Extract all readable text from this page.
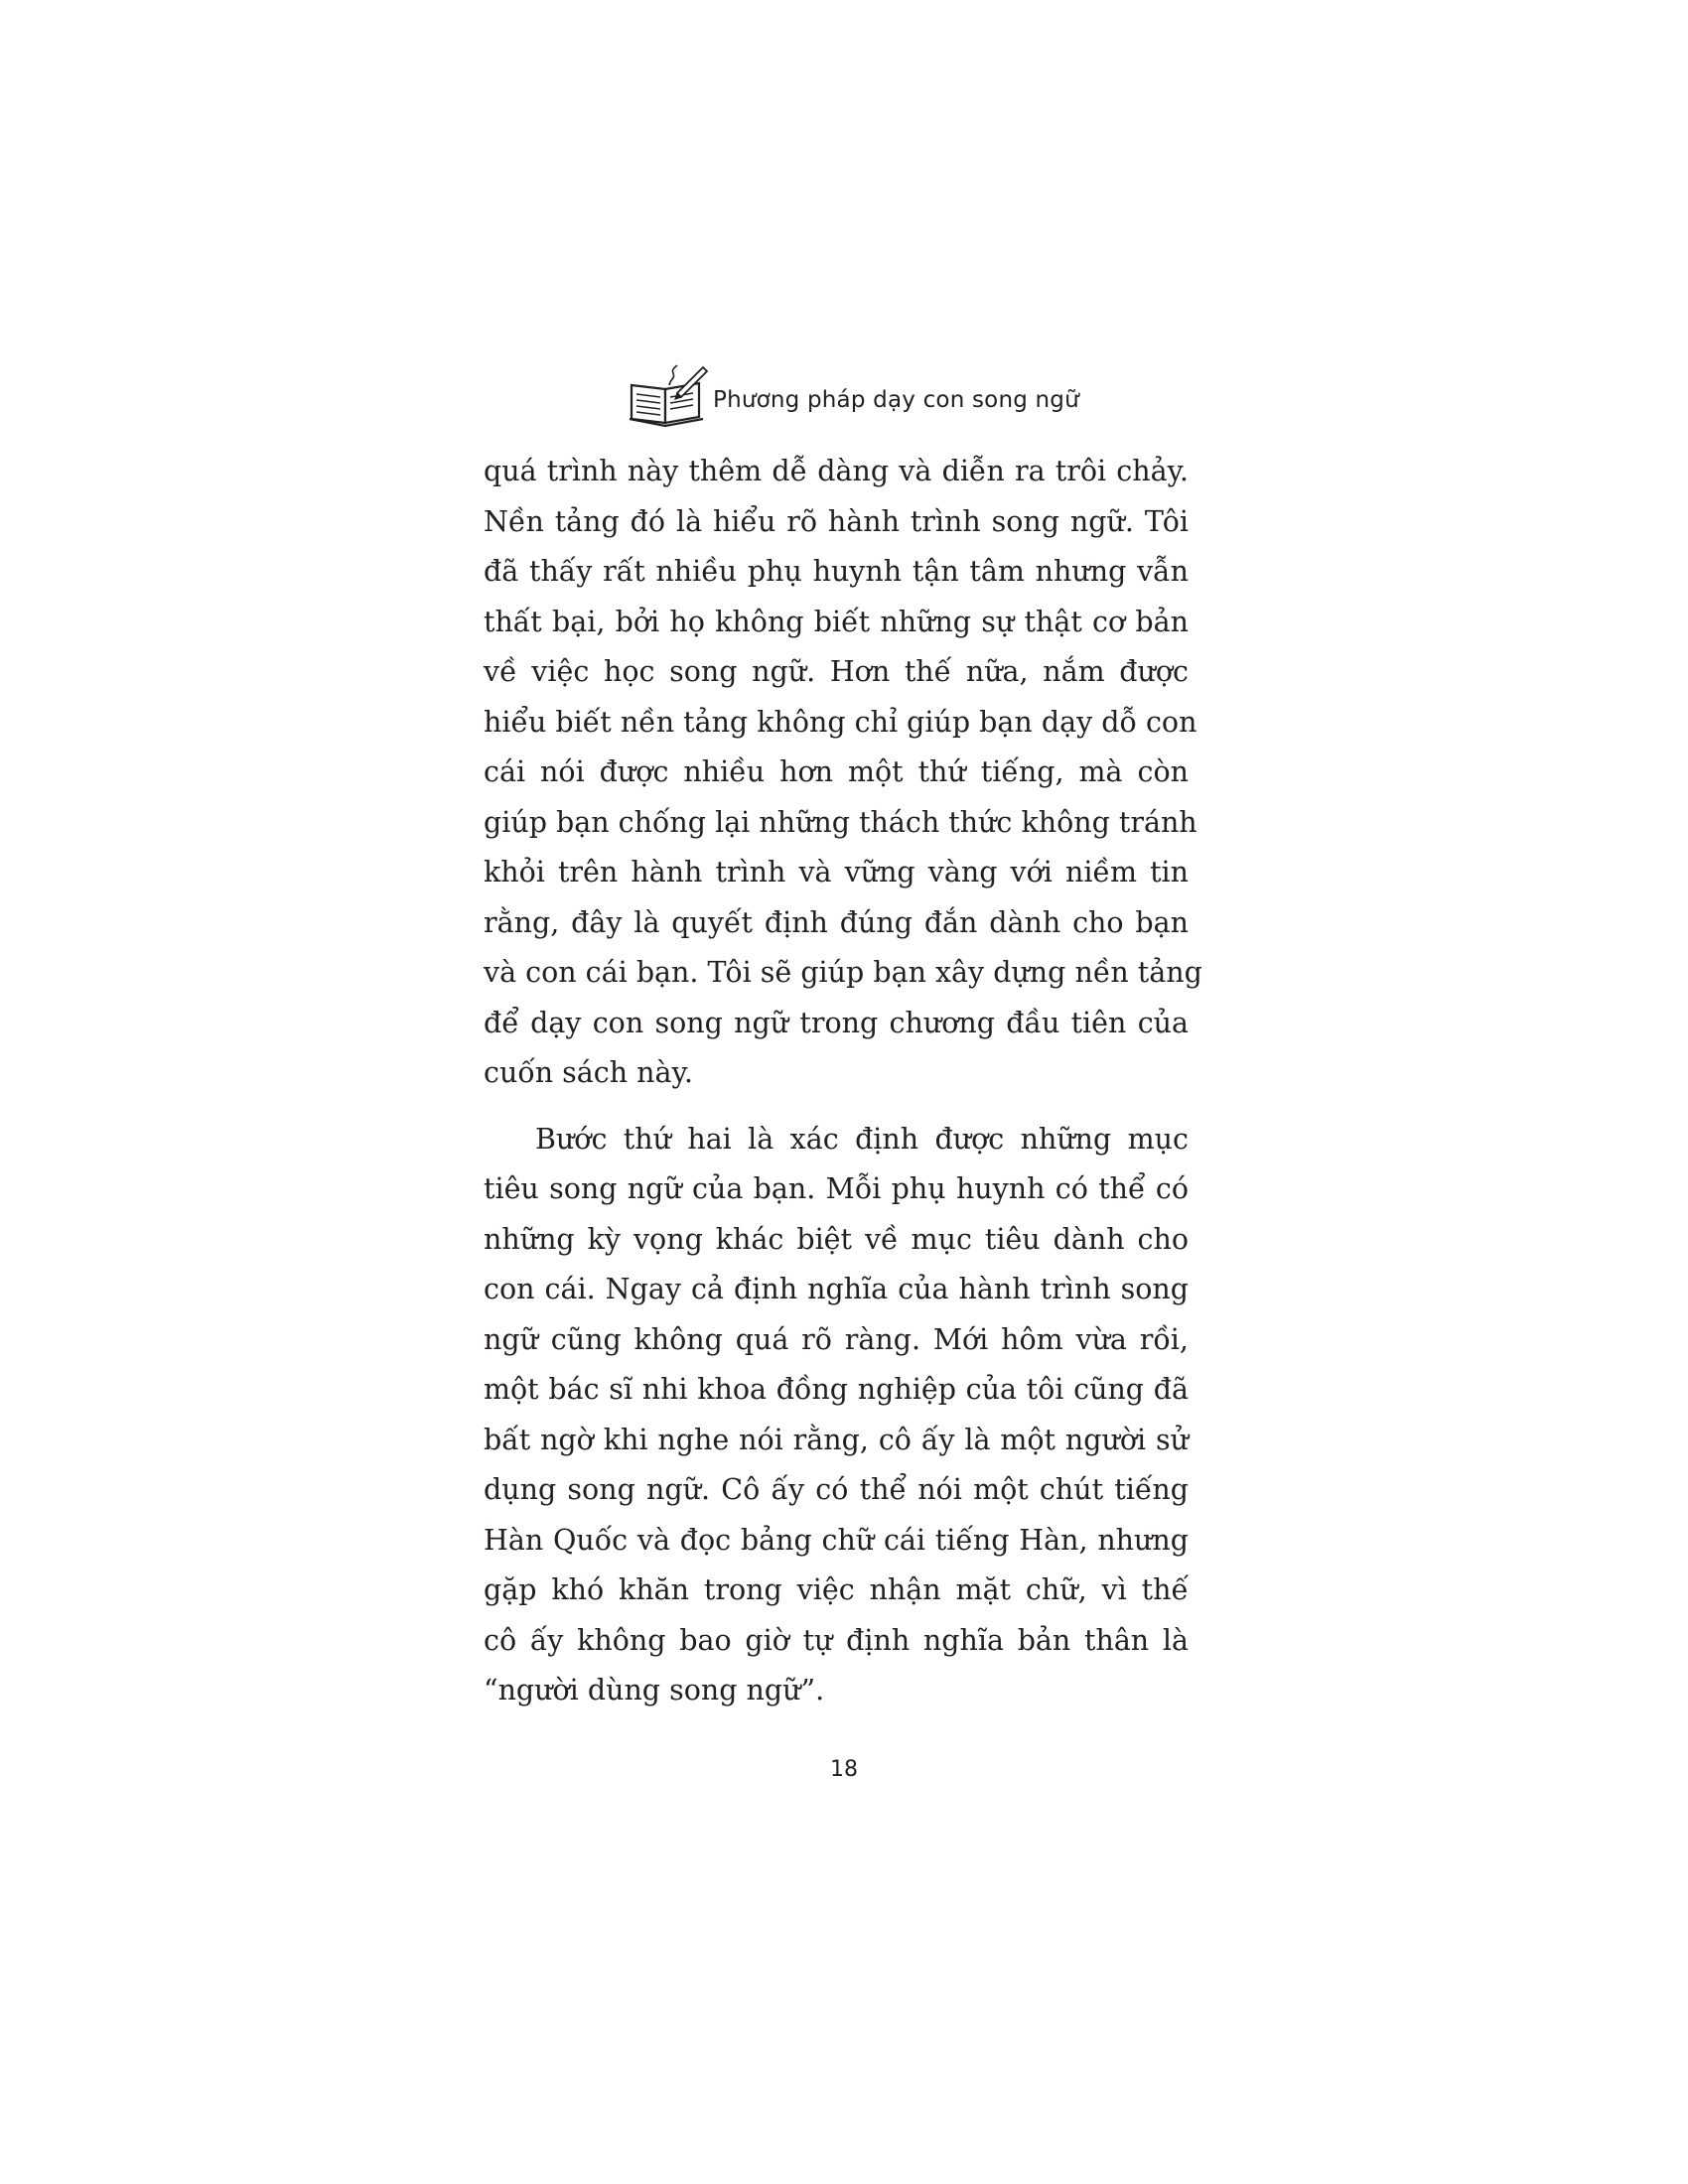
Phương pháp dạy con song ngữ

quá trình này thêm dễ dàng và diễn ra trôi chảy.
Nền tảng đó là hiểu rõ hành trình song ngữ. Tôi
đã thấy rất nhiều phụ huynh tận tâm nhưng vẫn
thất bại, bởi họ không biết những sự thật cơ bản
về việc học song ngữ. Hơn thế nữa, nắm được
hiểu biết nền tảng không chỉ giúp bạn dạy dỗ con
cái nói được nhiều hơn một thứ tiếng, mà còn
giúp bạn chống lại những thách thức không tránh
khỏi trên hành trình và vững vàng với niềm tin
rằng, đây là quyết định đúng đắn dành cho bạn
và con cái bạn. Tôi sẽ giúp bạn xây dựng nền tảng
để dạy con song ngữ trong chương đầu tiên của
cuốn sách này.

Bước thứ hai là xác định được những mục
tiêu song ngữ của bạn. Mỗi phụ huynh có thể có
những kỳ vọng khác biệt về mục tiêu dành cho
con cái. Ngay cả định nghĩa của hành trình song
ngữ cũng không quá rõ ràng. Mới hôm vừa rồi,
một bác sĩ nhi khoa đồng nghiệp của tôi cũng đã
bất ngờ khi nghe nói rằng, cô ấy là một người sử
dụng song ngữ. Cô ấy có thể nói một chút tiếng
Hàn Quốc và đọc bảng chữ cái tiếng Hàn, nhưng
gặp khó khăn trong việc nhận mặt chữ, vì thế
cô ấy không bao giờ tự định nghĩa bản thân là
“người dùng song ngữ”.

18
